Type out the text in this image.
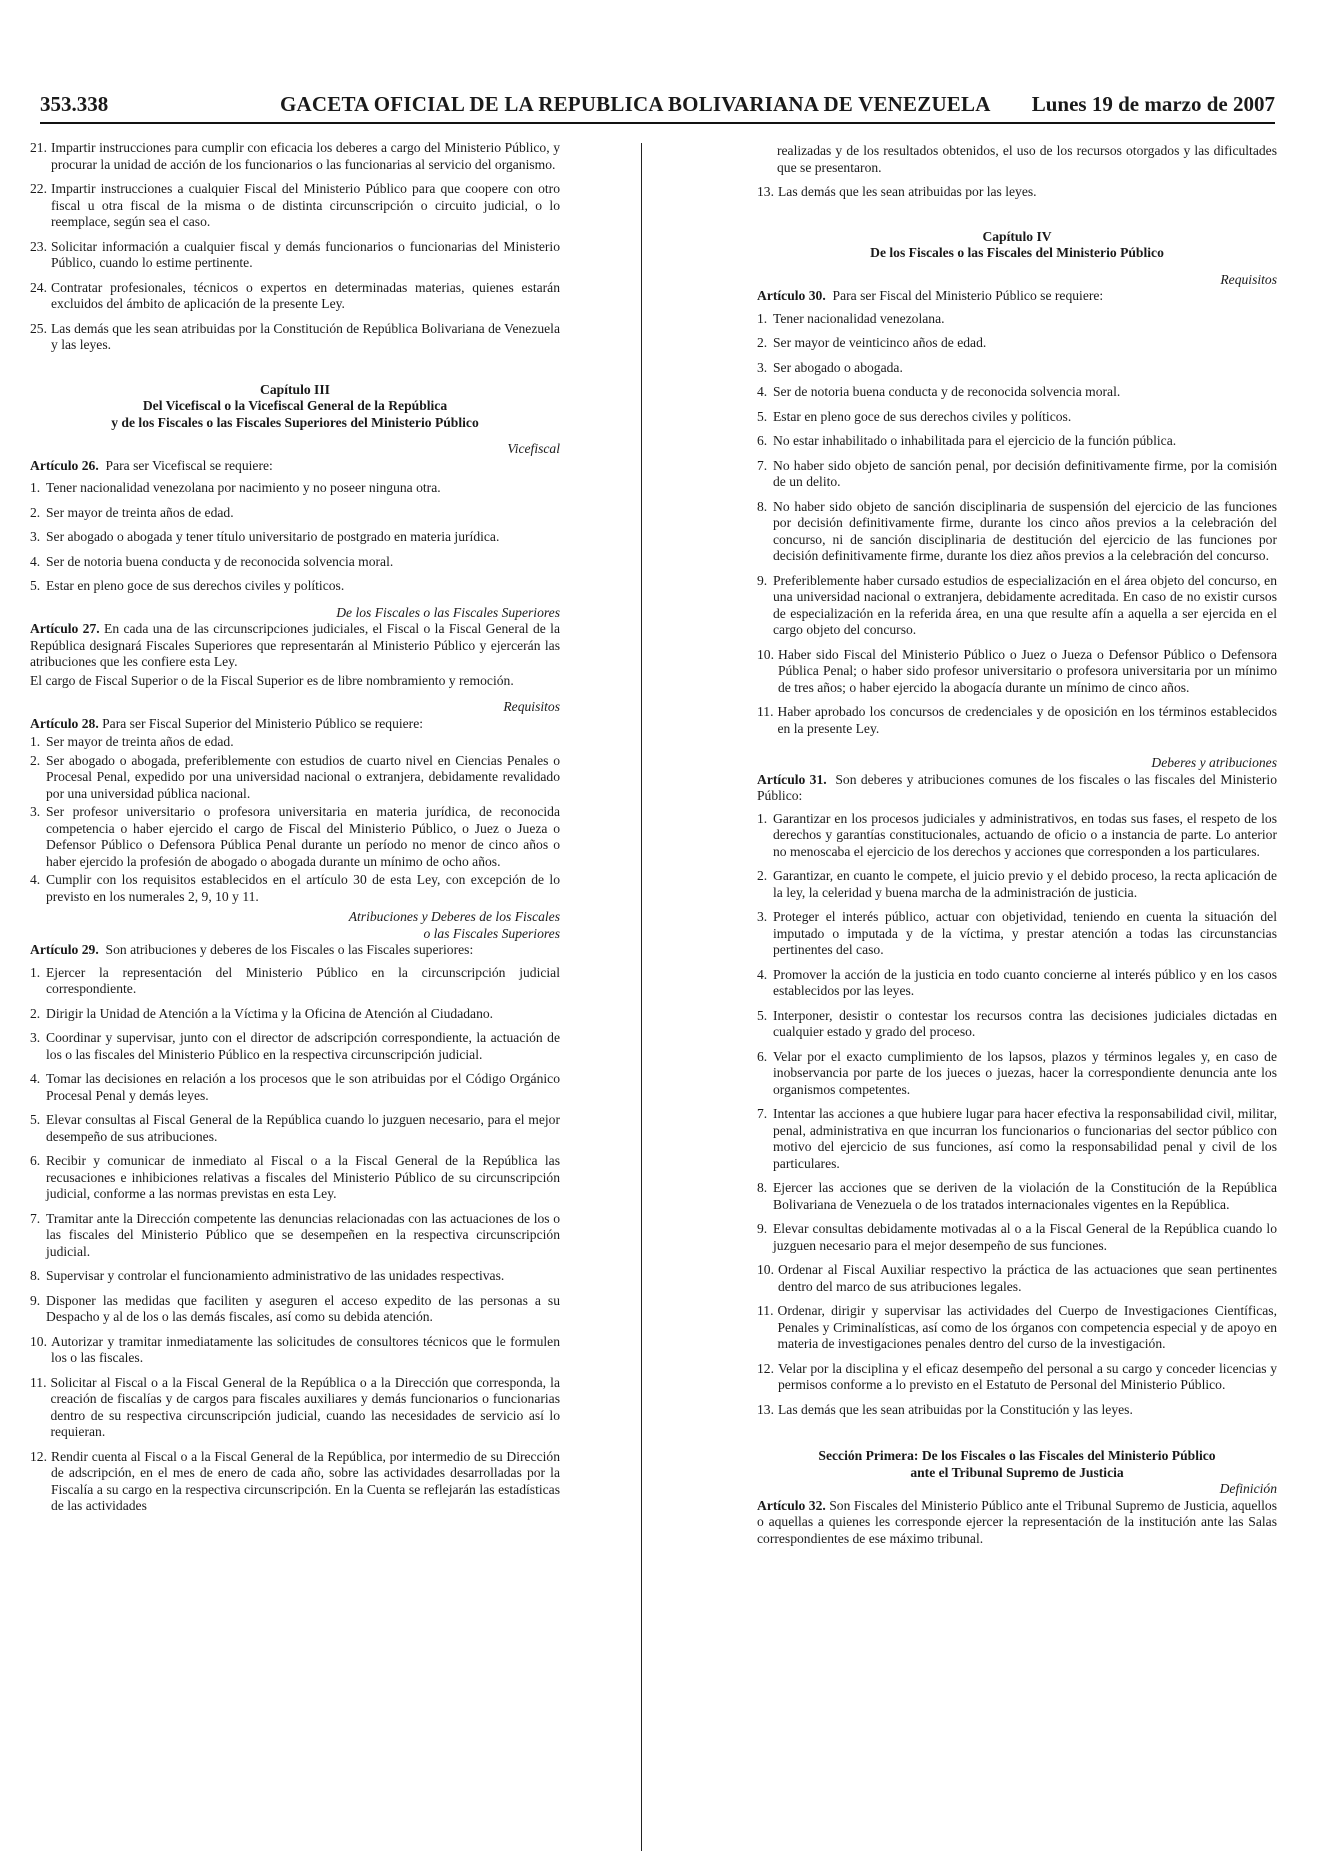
353.338	GACETA OFICIAL DE LA REPUBLICA BOLIVARIANA DE VENEZUELA Lunes 19 de marzo de 2007
21. Impartir instrucciones para cumplir con eficacia los deberes a cargo del Ministerio Público, y procurar la unidad de acción de los funcionarios o las funcionarias al servicio del organismo.
22. Impartir instrucciones a cualquier Fiscal del Ministerio Público para que coopere con otro fiscal u otra fiscal de la misma o de distinta circunscripción o circuito judicial, o lo reemplace, según sea el caso.
23. Solicitar información a cualquier fiscal y demás funcionarios o funcionarias del Ministerio Público, cuando lo estime pertinente.
24. Contratar profesionales, técnicos o expertos en determinadas materias, quienes estarán excluidos del ámbito de aplicación de la presente Ley.
25. Las demás que les sean atribuidas por la Constitución de República Bolivariana de Venezuela y las leyes.

Capítulo III

Del Vicefiscal o la Vicefiscal General de la República

y de los Fiscales o las Fiscales Superiores del Ministerio Público

Vicefiscal

Artículo 26. Para ser Vicefiscal se requiere:

1. Tener nacionalidad venezolana por nacimiento y no poseer ninguna otra.
2. Ser mayor de treinta años de edad.
3. Ser abogado o abogada y tener título universitario de postgrado en materia jurídica.
4. Ser de notoria buena conducta y de reconocida solvencia moral.
5. Estar en pleno goce de sus derechos civiles y políticos.

De los Fiscales o las Fiscales Superiores

Artículo 27. En cada una de las circunscripciones judiciales, el Fiscal o la Fiscal General de la República designará Fiscales Superiores que representarán al Ministerio Público y ejercerán las atribuciones que les confiere esta Ley.

El cargo de Fiscal Superior o de la Fiscal Superior es de libre nombramiento y remoción.

Requisitos

Artículo 28. Para ser Fiscal Superior del Ministerio Público se requiere:

1. Ser mayor de treinta años de edad.
2. Ser abogado o abogada, preferiblemente con estudios de cuarto nivel en Ciencias Penales o Procesal Penal, expedido por una universidad nacional o extranjera, debidamente revalidado por una universidad pública nacional.
3. Ser profesor universitario o profesora universitaria en materia jurídica, de reconocida competencia o haber ejercido el cargo de Fiscal del Ministerio Público, o Juez o Jueza o Defensor Público o Defensora Pública Penal durante un período no menor de cinco años o haber ejercido la profesión de abogado o abogada durante un mínimo de ocho años.
4. Cumplir con los requisitos establecidos en el artículo 30 de esta Ley, con excepción de lo previsto en los numerales 2, 9, 10 y 11.

Atribuciones y Deberes de los Fiscales

o las Fiscales Superiores

Artículo 29. Son atribuciones y deberes de los Fiscales o las Fiscales superiores:

1. Ejercer la representación del Ministerio Público en la circunscripción judicial correspondiente.
2. Dirigir la Unidad de Atención a la Víctima y la Oficina de Atención al Ciudadano.
3. Coordinar y supervisar, junto con el director de adscripción correspondiente, la actuación de los o las fiscales del Ministerio Público en la respectiva circunscripción judicial.
4. Tomar las decisiones en relación a los procesos que le son atribuidas por el Código Orgánico Procesal Penal y demás leyes.
5. Elevar consultas al Fiscal General de la República cuando lo juzguen necesario, para el mejor desempeño de sus atribuciones.
6. Recibir y comunicar de inmediato al Fiscal o a la Fiscal General de la República las recusaciones e inhibiciones relativas a fiscales del Ministerio Público de su circunscripción judicial, conforme a las normas previstas en esta Ley.
7. Tramitar ante la Dirección competente las denuncias relacionadas con las actuaciones de los o las fiscales del Ministerio Público que se desempeñen en la respectiva circunscripción judicial.
8. Supervisar y controlar el funcionamiento administrativo de las unidades respectivas.
9. Disponer las medidas que faciliten y aseguren el acceso expedito de las personas a su Despacho y al de los o las demás fiscales, así como su debida atención.
10. Autorizar y tramitar inmediatamente las solicitudes de consultores técnicos que le formulen los o las fiscales.
11. Solicitar al Fiscal o a la Fiscal General de la República o a la Dirección que corresponda, la creación de fiscalías y de cargos para fiscales auxiliares y demás funcionarios o funcionarias dentro de su respectiva circunscripción judicial, cuando las necesidades de servicio así lo requieran.
12. Rendir cuenta al Fiscal o a la Fiscal General de la República, por intermedio de su Dirección de adscripción, en el mes de enero de cada año, sobre las actividades desarrolladas por la Fiscalía a su cargo en la respectiva circunscripción. En la Cuenta se reflejarán las estadísticas de las actividades

realizadas y de los resultados obtenidos, el uso de los recursos otorgados y las dificultades que se presentaron.

13. Las demás que les sean atribuidas por las leyes.

Capítulo IV

De los Fiscales o las Fiscales del Ministerio Público

Requisitos

Artículo 30. Para ser Fiscal del Ministerio Público se requiere:

1. Tener nacionalidad venezolana.
2. Ser mayor de veinticinco años de edad.
3. Ser abogado o abogada.
4. Ser de notoria buena conducta y de reconocida solvencia moral.
5. Estar en pleno goce de sus derechos civiles y políticos.
6. No estar inhabilitado o inhabilitada para el ejercicio de la función pública.
7. No haber sido objeto de sanción penal, por decisión definitivamente firme, por la comisión de un delito.
8. No haber sido objeto de sanción disciplinaria de suspensión del ejercicio de las funciones por decisión definitivamente firme, durante los cinco años previos a la celebración del concurso, ni de sanción disciplinaria de destitución del ejercicio de las funciones por decisión definitivamente firme, durante los diez años previos a la celebración del concurso.
9. Preferiblemente haber cursado estudios de especialización en el área objeto del concurso, en una universidad nacional o extranjera, debidamente acreditada. En caso de no existir cursos de especialización en la referida área, en una que resulte afín a aquella a ser ejercida en el cargo objeto del concurso.
10. Haber sido Fiscal del Ministerio Público o Juez o Jueza o Defensor Público o Defensora Pública Penal; o haber sido profesor universitario o profesora universitaria por un mínimo de tres años; o haber ejercido la abogacía durante un mínimo de cinco años.
11. Haber aprobado los concursos de credenciales y de oposición en los términos establecidos en la presente Ley.

Deberes y atribuciones

Artículo 31. Son deberes y atribuciones comunes de los fiscales o las fiscales del Ministerio Público:

1. Garantizar en los procesos judiciales y administrativos, en todas sus fases, el respeto de los derechos y garantías constitucionales, actuando de oficio o a instancia de parte. Lo anterior no menoscaba el ejercicio de los derechos y acciones que corresponden a los particulares.
2. Garantizar, en cuanto le compete, el juicio previo y el debido proceso, la recta aplicación de la ley, la celeridad y buena marcha de la administración de justicia.
3. Proteger el interés público, actuar con objetividad, teniendo en cuenta la situación del imputado o imputada y de la víctima, y prestar atención a todas las circunstancias pertinentes del caso.
4. Promover la acción de la justicia en todo cuanto concierne al interés público y en los casos establecidos por las leyes.
5. Interponer, desistir o contestar los recursos contra las decisiones judiciales dictadas en cualquier estado y grado del proceso.
6. Velar por el exacto cumplimiento de los lapsos, plazos y términos legales y, en caso de inobservancia por parte de los jueces o juezas, hacer la correspondiente denuncia ante los organismos competentes.
7. Intentar las acciones a que hubiere lugar para hacer efectiva la responsabilidad civil, militar, penal, administrativa en que incurran los funcionarios o funcionarias del sector público con motivo del ejercicio de sus funciones, así como la responsabilidad penal y civil de los particulares.
8. Ejercer las acciones que se deriven de la violación de la Constitución de la República Bolivariana de Venezuela o de los tratados internacionales vigentes en la República.
9. Elevar consultas debidamente motivadas al o a la Fiscal General de la República cuando lo juzguen necesario para el mejor desempeño de sus funciones.
10. Ordenar al Fiscal Auxiliar respectivo la práctica de las actuaciones que sean pertinentes dentro del marco de sus atribuciones legales.
11. Ordenar, dirigir y supervisar las actividades del Cuerpo de Investigaciones Científicas, Penales y Criminalísticas, así como de los órganos con competencia especial y de apoyo en materia de investigaciones penales dentro del curso de la investigación.
12. Velar por la disciplina y el eficaz desempeño del personal a su cargo y conceder licencias y permisos conforme a lo previsto en el Estatuto de Personal del Ministerio Público.
13. Las demás que les sean atribuidas por la Constitución y las leyes.

Sección Primera: De los Fiscales o las Fiscales del Ministerio Público

ante el Tribunal Supremo de Justicia

Definición

Artículo 32. Son Fiscales del Ministerio Público ante el Tribunal Supremo de Justicia, aquellos o aquellas a quienes les corresponde ejercer la representación de la institución ante las Salas correspondientes de ese máximo tribunal.
